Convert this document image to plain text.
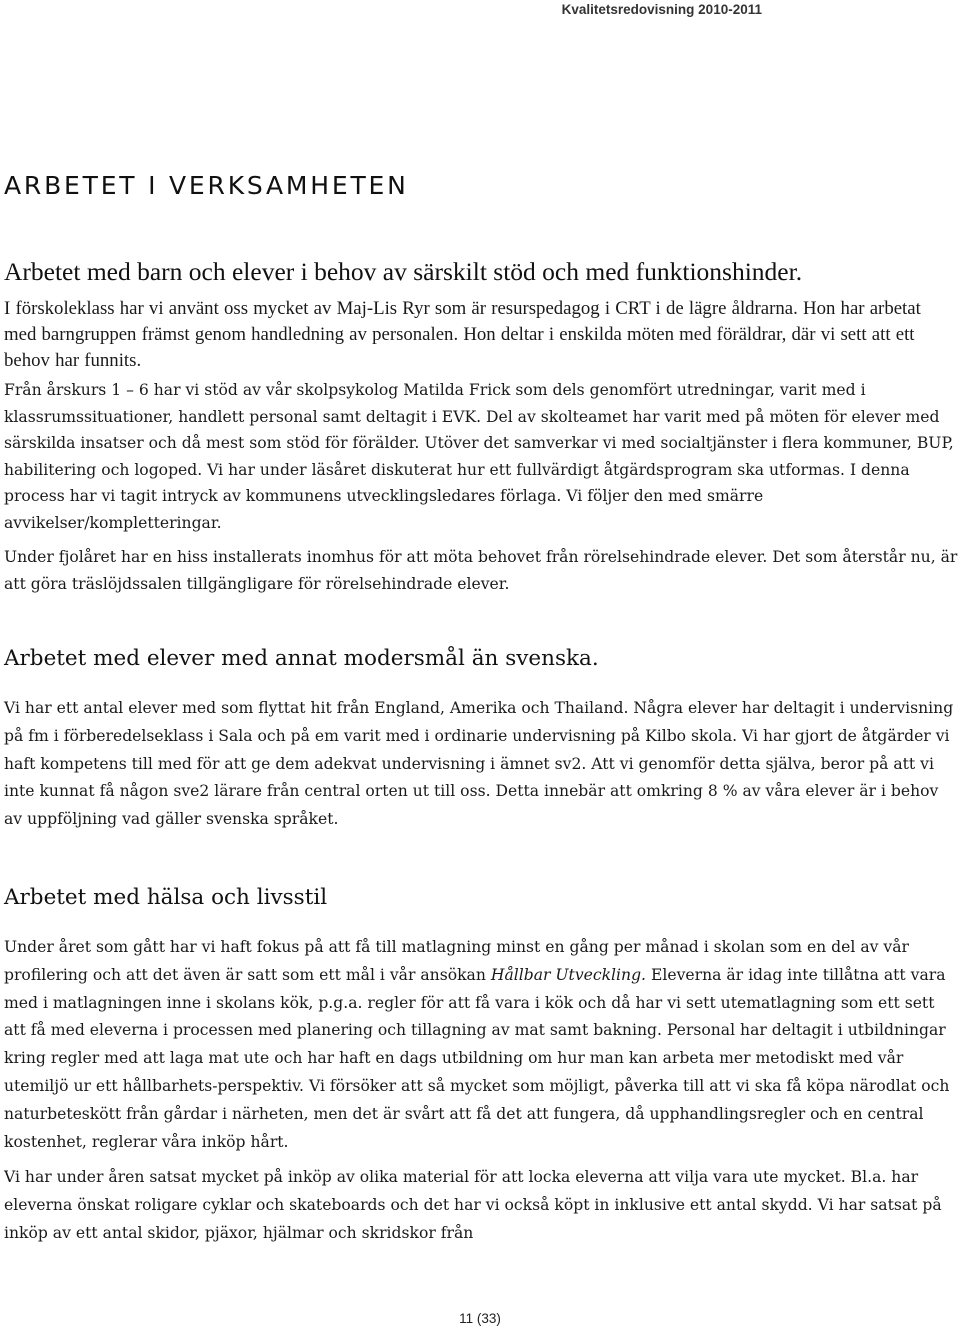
Kvalitetsredovisning 2010-2011
ARBETET I VERKSAMHETEN
Arbetet med barn och elever i behov av särskilt stöd och med funktionshinder.

I förskoleklass har vi använt oss mycket av Maj-Lis Ryr som är resurspedagog i CRT i de lägre åldrarna. Hon har arbetat med barngruppen främst genom handledning av personalen. Hon deltar i enskilda möten med föräldrar, där vi sett att ett behov har funnits.

Från årskurs 1 – 6 har vi stöd av vår skolpsykolog Matilda Frick som dels genomfört utredningar, varit med i klassrumssituationer, handlett personal samt deltagit i EVK. Del av skolteamet har varit med på möten för elever med särskilda insatser och då mest som stöd för förälder. Utöver det samverkar vi med socialtjänster i flera kommuner, BUP, habilitering och logoped. Vi har under läsåret diskuterat hur ett fullvärdigt åtgärdsprogram ska utformas. I denna process har vi tagit intryck av kommunens utvecklingsledares förlaga. Vi följer den med smärre avvikelser/kompletteringar.

Under fjolåret har en hiss installerats inomhus för att möta behovet från rörelsehindrade elever. Det som återstår nu, är att göra träslöjdssalen tillgängligare för rörelsehindrade elever.

Arbetet med elever med annat modersmål än svenska.

Vi har ett antal elever med som flyttat hit från England, Amerika och Thailand. Några elever har deltagit i undervisning på fm i förberedelseklass i Sala och på em varit med i ordinarie undervisning på Kilbo skola. Vi har gjort de åtgärder vi haft kompetens till med för att ge dem adekvat undervisning i ämnet sv2. Att vi genomför detta själva, beror på att vi inte kunnat få någon sve2 lärare från central orten ut till oss. Detta innebär att omkring 8 % av våra elever är i behov av uppföljning vad gäller svenska språket.

Arbetet med hälsa och livsstil

Under året som gått har vi haft fokus på att få till matlagning minst en gång per månad i skolan som en del av vår profilering och att det även är satt som ett mål i vår ansökan Hållbar Utveckling. Eleverna är idag inte tillåtna att vara med i matlagningen inne i skolans kök, p.g.a. regler för att få vara i kök och då har vi sett utematlagning som ett sett att få med eleverna i processen med planering och tillagning av mat samt bakning. Personal har deltagit i utbildningar kring regler med att laga mat ute och har haft en dags utbildning om hur man kan arbeta mer metodiskt med vår utemiljö ur ett hållbarhets-perspektiv. Vi försöker att så mycket som möjligt, påverka till att vi ska få köpa närodlat och naturbeteskött från gårdar i närheten, men det är svårt att få det att fungera, då upphandlingsregler och en central kostenhet, reglerar våra inköp hårt.

Vi har under åren satsat mycket på inköp av olika material för att locka eleverna att vilja vara ute mycket. Bl.a. har eleverna önskat roligare cyklar och skateboards och det har vi också köpt in inklusive ett antal skydd. Vi har satsat på inköp av ett antal skidor, pjäxor, hjälmar och skridskor från

11 (33)
